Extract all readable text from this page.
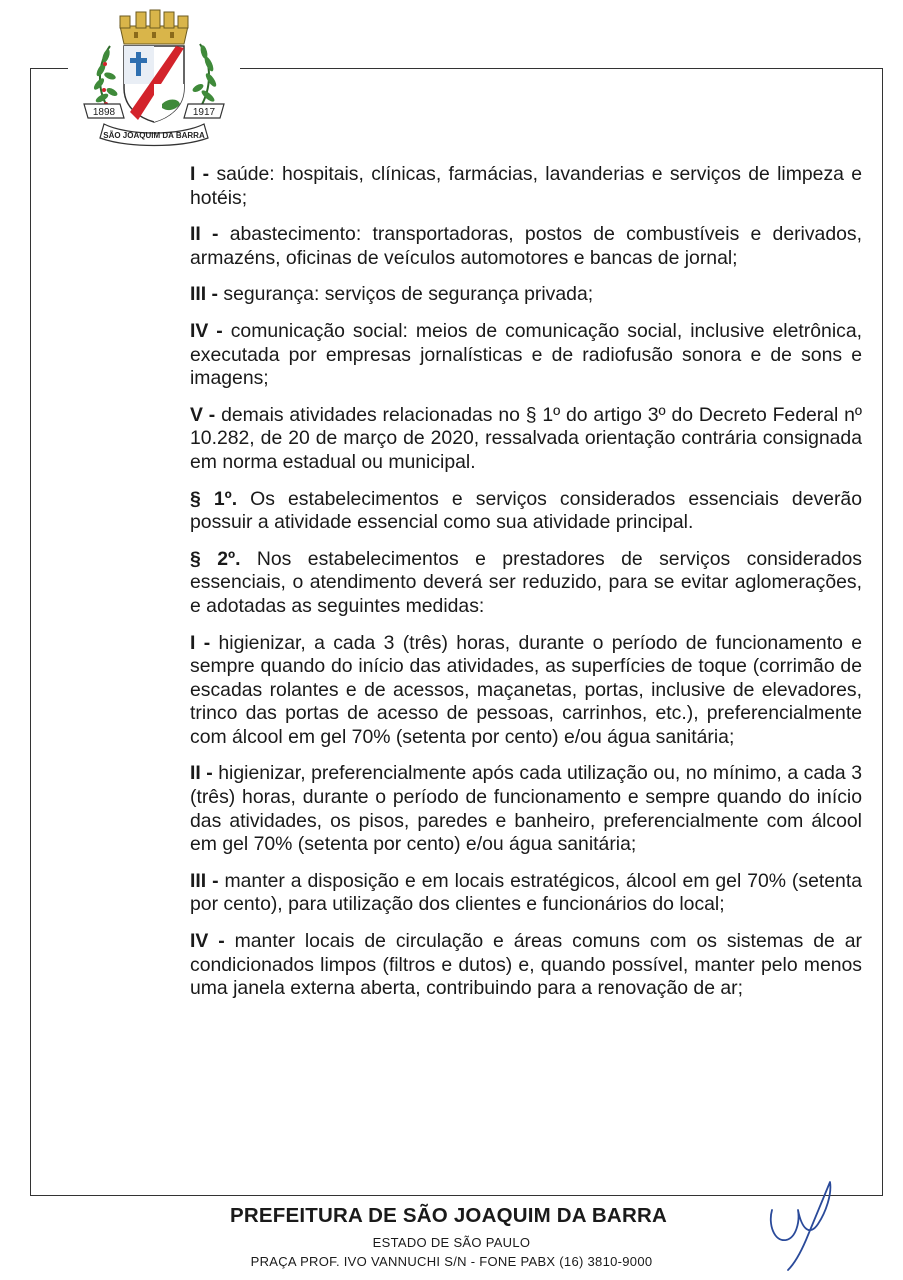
1898	1917
SÃO JOAQUIM DA BARRA

I - saúde: hospitais, clínicas, farmácias, lavanderias e serviços de limpeza e hotéis;

II - abastecimento: transportadoras, postos de combustíveis e derivados, armazéns, oficinas de veículos automotores e bancas de jornal;

III - segurança: serviços de segurança privada;

IV - comunicação social: meios de comunicação social, inclusive eletrônica, executada por empresas jornalísticas e de radiofusão sonora e de sons e imagens;

V - demais atividades relacionadas no § 1º do artigo 3º do Decreto Federal nº 10.282, de 20 de março de 2020, ressalvada orientação contrária consignada em norma estadual ou municipal.

§ 1º. Os estabelecimentos e serviços considerados essenciais deverão possuir a atividade essencial como sua atividade principal.

§ 2º. Nos estabelecimentos e prestadores de serviços considerados essenciais, o atendimento deverá ser reduzido, para se evitar aglomerações, e adotadas as seguintes medidas:

I - higienizar, a cada 3 (três) horas, durante o período de funcionamento e sempre quando do início das atividades, as superfícies de toque (corrimão de escadas rolantes e de acessos, maçanetas, portas, inclusive de elevadores, trinco das portas de acesso de pessoas, carrinhos, etc.), preferencialmente com álcool em gel 70% (setenta por cento) e/ou água sanitária;

II - higienizar, preferencialmente após cada utilização ou, no mínimo, a cada 3 (três) horas, durante o período de funcionamento e sempre quando do início das atividades, os pisos, paredes e banheiro, preferencialmente com álcool em gel 70% (setenta por cento) e/ou água sanitária;

III - manter a disposição e em locais estratégicos, álcool em gel 70% (setenta por cento), para utilização dos clientes e funcionários do local;

IV - manter locais de circulação e áreas comuns com os sistemas de ar condicionados limpos (filtros e dutos) e, quando possível, manter pelo menos uma janela externa aberta, contribuindo para a renovação de ar;

PREFEITURA DE SÃO JOAQUIM DA BARRA
ESTADO DE SÃO PAULO
PRAÇA PROF. IVO VANNUCHI S/N - FONE PABX (16) 3810-9000
